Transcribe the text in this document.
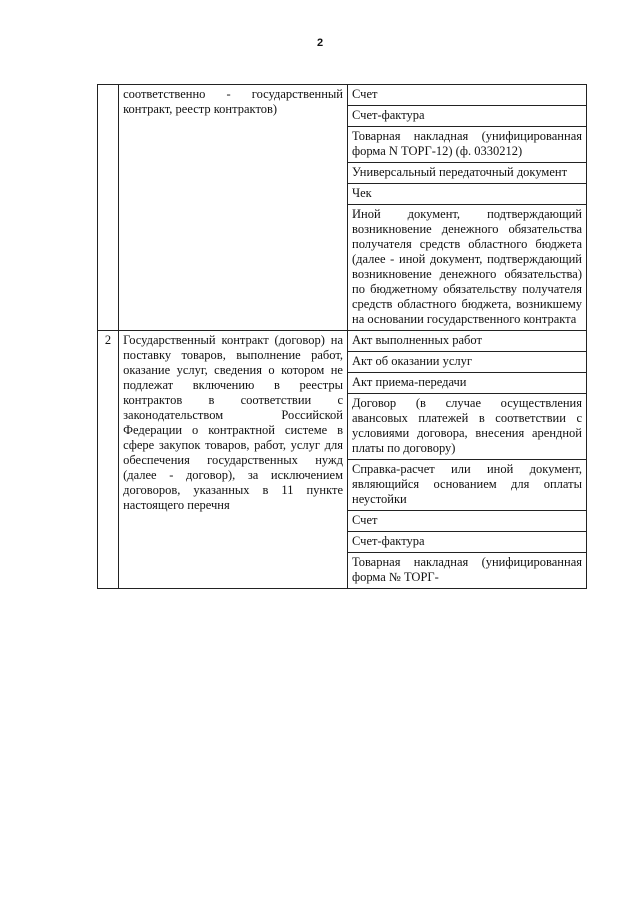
2
	соответственно - государственный контракт, реестр контрактов)	Счет
		Счет-фактура
		Товарная накладная (унифицированная форма N ТОРГ-12) (ф. 0330212)
		Универсальный передаточный документ
		Чек
		Иной документ, подтверждающий возникновение денежного обязательства получателя средств областного бюджета (далее - иной документ, подтверждающий возникновение денежного обязательства) по бюджетному обязательству получателя средств областного бюджета, возникшему на основании государственного контракта
2	Государственный контракт (договор) на поставку товаров, выполнение работ, оказание услуг, сведения о котором не подлежат включению в реестры контрактов в соответствии с законодательством Российской Федерации о контрактной системе в сфере закупок товаров, работ, услуг для обеспечения государственных нужд (далее - договор), за исключением договоров, указанных в 11 пункте настоящего перечня	Акт выполненных работ
		Акт об оказании услуг
		Акт приема-передачи
		Договор (в случае осуществления авансовых платежей в соответствии с условиями договора, внесения арендной платы по договору)
		Справка-расчет или иной документ, являющийся основанием для оплаты неустойки
		Счет
		Счет-фактура
		Товарная накладная (унифицированная форма № ТОРГ-
